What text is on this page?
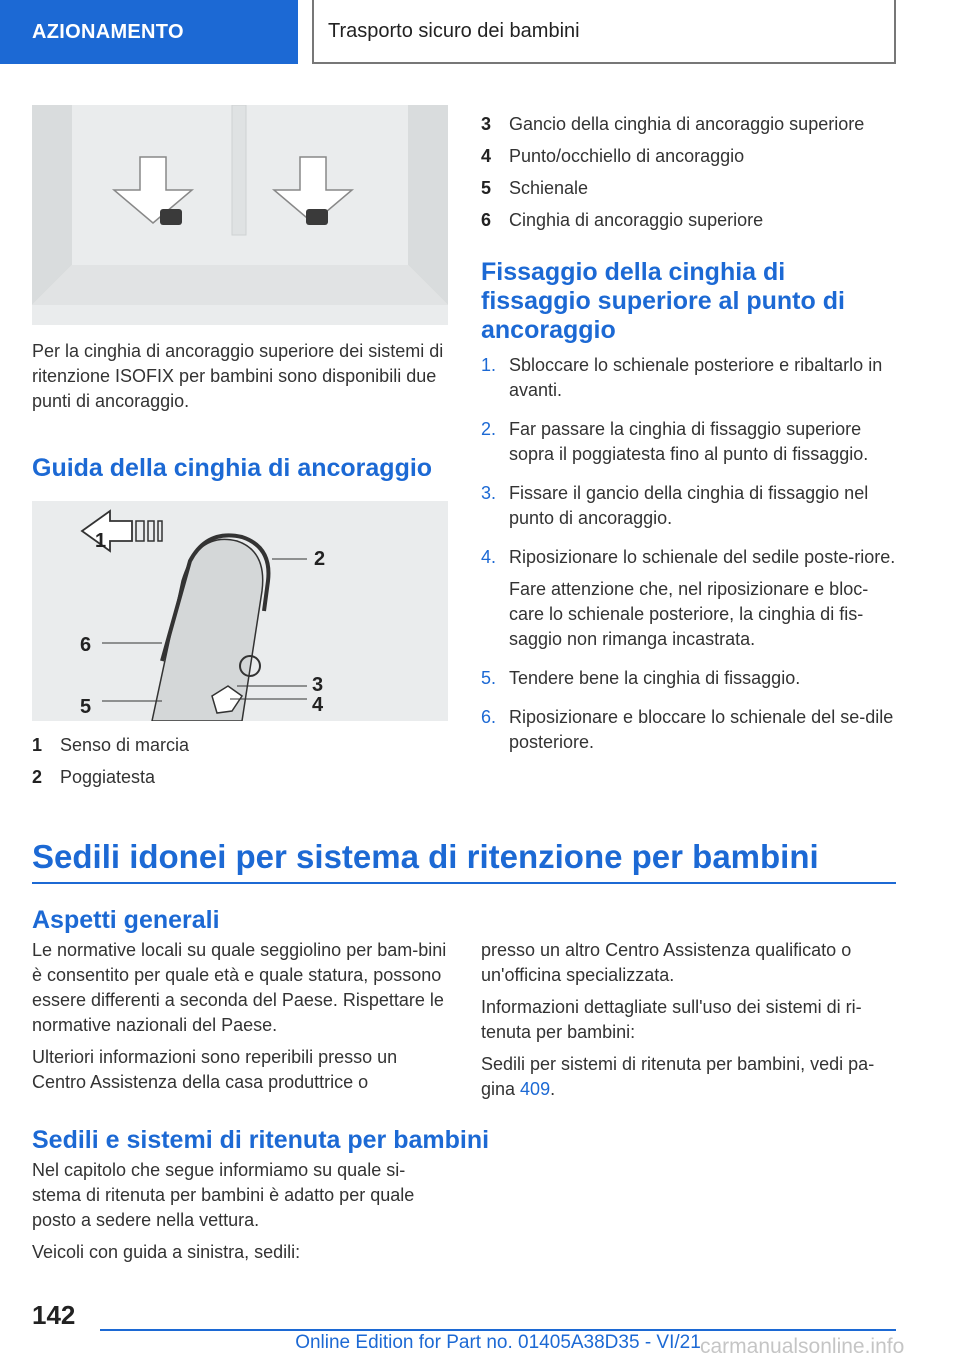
AZIONAMENTO	Trasporto sicuro dei bambini

Per la cinghia di ancoraggio superiore dei sistemi di ritenzione ISOFIX per bambini sono disponibili due punti di ancoraggio.

Guida della cinghia di ancoraggio
1
2
3
4
5
6
1 Senso di marcia
2 Poggiatesta
3 Gancio della cinghia di ancoraggio superiore
4 Punto/occhiello di ancoraggio
5 Schienale
6 Cinghia di ancoraggio superiore
Fissaggio della cinghia di fissaggio superiore al punto di ancoraggio
1. Sbloccare lo schienale posteriore e ribaltarlo in avanti.

2. Far passare la cinghia di fissaggio superiore sopra il poggiatesta fino al punto di fissaggio.

3. Fissare il gancio della cinghia di fissaggio nel punto di ancoraggio.

4. Riposizionare lo schienale del sedile poste-riore.

Fare attenzione che, nel riposizionare e bloc-care lo schienale posteriore, la cinghia di fis-saggio non rimanga incastrata.

5. Tendere bene la cinghia di fissaggio.

6. Riposizionare e bloccare lo schienale del se-dile posteriore.

Sedili idonei per sistema di ritenzione per bambini
Aspetti generali

Le normative locali su quale seggiolino per bam-bini è consentito per quale età e quale statura, possono essere differenti a seconda del Paese. Rispettare le normative nazionali del Paese.

Ulteriori informazioni sono reperibili presso un Centro Assistenza della casa produttrice o

presso un altro Centro Assistenza qualificato o un'officina specializzata.

Informazioni dettagliate sull'uso dei sistemi di ri-tenuta per bambini:

Sedili per sistemi di ritenuta per bambini, vedi pa-gina 409.

Sedili e sistemi di ritenuta per bambini

Nel capitolo che segue informiamo su quale si-stema di ritenuta per bambini è adatto per quale posto a sedere nella vettura.

Veicoli con guida a sinistra, sedili:

142
Online Edition for Part no. 01405A38D35 - VI/21 carmanualsonline.info
